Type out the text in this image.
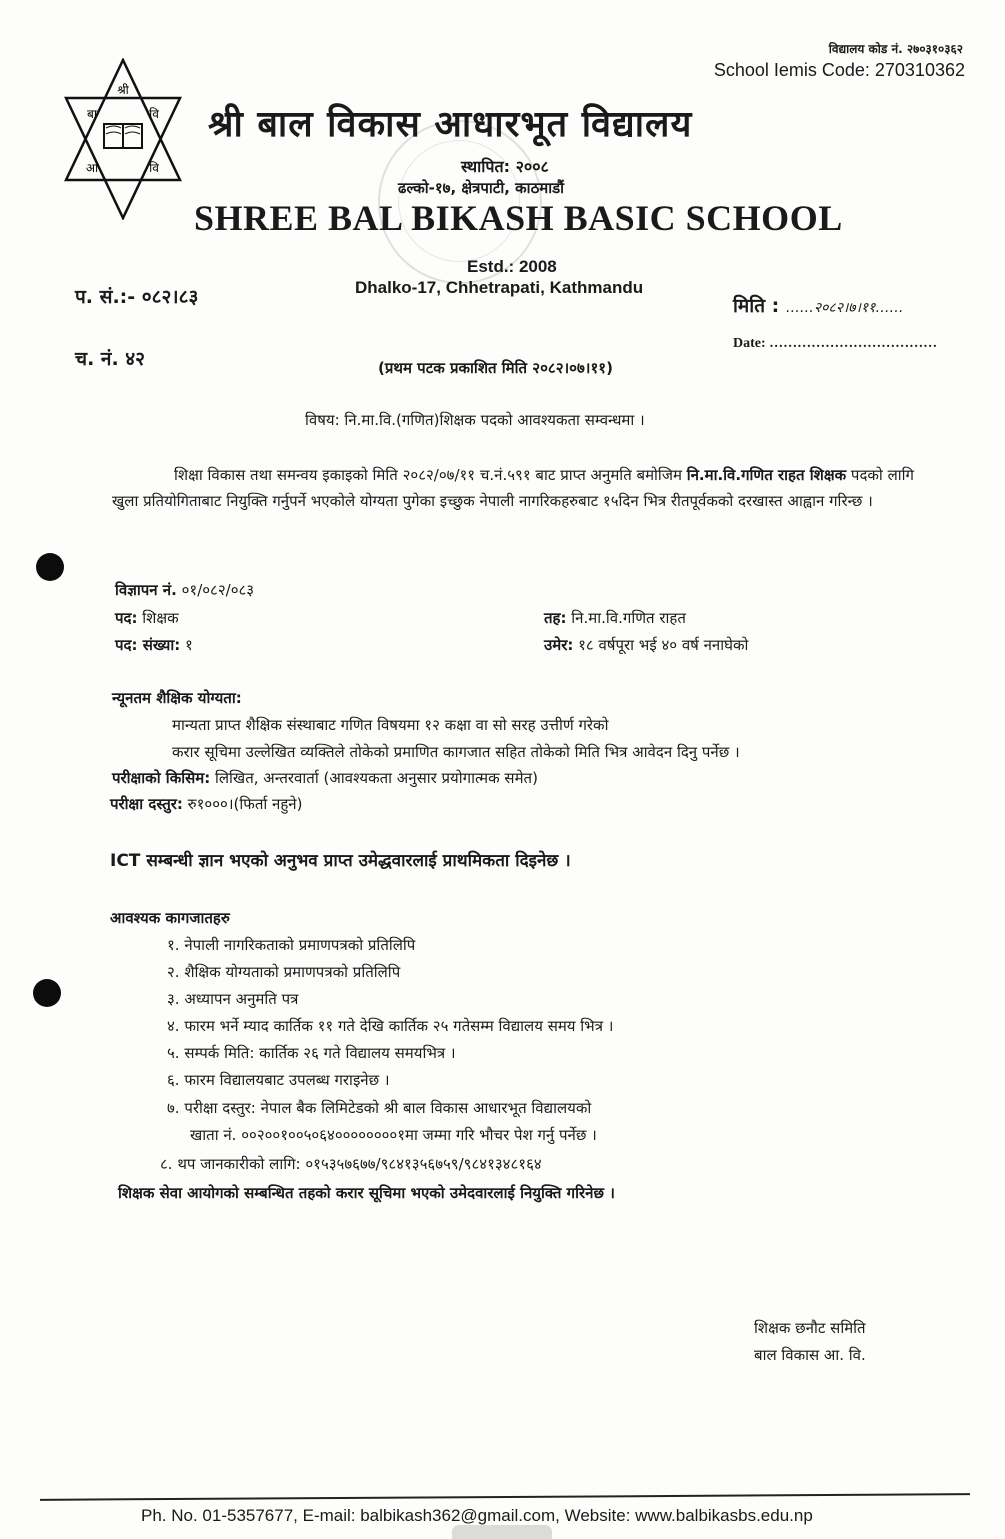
विद्यालय कोड नं. २७०३१०३६२
School Iemis Code: 270310362
श्री
बा	वि
आ	वि
श्री बाल विकास आधारभूत विद्यालय
स्थापित: २००८
ढल्को-१७, क्षेत्रपाटी, काठमाडौं
SHREE BAL BIKASH BASIC SCHOOL
Estd.: 2008
Dhalko-17, Chhetrapati, Kathmandu
प. सं.:- ०८२।८३
च. नं. ४२
मिति : ……२०८२।७।११……
Date: ………………………………
(प्रथम पटक प्रकाशित मिति २०८२।०७।११)
विषय: नि.मा.वि.(गणित)शिक्षक पदको आवश्यकता सम्वन्धमा ।
शिक्षा विकास तथा समन्वय इकाइको मिति २०८२/०७/११ च.नं.५९१ बाट प्राप्त अनुमति बमोजिम नि.मा.वि.गणित राहत शिक्षक पदको लागि खुला प्रतियोगिताबाट नियुक्ति गर्नुपर्ने भएकोले योग्यता पुगेका इच्छुक नेपाली नागरिकहरुबाट १५दिन भित्र रीतपूर्वकको दरखास्त आह्वान गरिन्छ ।
विज्ञापन नं. ०१/०८२/०८३
पद: शिक्षक	तह: नि.मा.वि.गणित राहत
पद: संख्या: १	उमेर: १८ वर्षपूरा भई ४० वर्ष ननाघेको
न्यूनतम शैक्षिक योग्यता:
मान्यता प्राप्त शैक्षिक संस्थाबाट गणित विषयमा १२ कक्षा वा सो सरह उत्तीर्ण गरेको
करार सूचिमा उल्लेखित व्यक्तिले तोकेको प्रमाणित कागजात सहित तोकेको मिति भित्र आवेदन दिनु पर्नेछ ।
परीक्षाको किसिम: लिखित, अन्तरवार्ता (आवश्यकता अनुसार प्रयोगात्मक समेत)
परीक्षा दस्तुर: रु१०००।(फिर्ता नहुने)
ICT सम्बन्धी ज्ञान भएको अनुभव प्राप्त उमेद्धवारलाई प्राथमिकता दिइनेछ ।
आवश्यक कागजातहरु
१. नेपाली नागरिकताको प्रमाणपत्रको प्रतिलिपि
२. शैक्षिक योग्यताको प्रमाणपत्रको प्रतिलिपि
३. अध्यापन अनुमति पत्र
४. फारम भर्ने म्याद कार्तिक ११ गते देखि कार्तिक २५ गतेसम्म विद्यालय समय भित्र ।
५. सम्पर्क मिति: कार्तिक २६ गते विद्यालय समयभित्र ।
६. फारम विद्यालयबाट उपलब्ध गराइनेछ ।
७. परीक्षा दस्तुर: नेपाल बैक लिमिटेडको श्री बाल विकास आधारभूत विद्यालयको
खाता नं. ००२००१००५०६४००००००००१मा जम्मा गरि भौचर पेश गर्नु पर्नेछ ।
८. थप जानकारीको लागि: ०१५३५७६७७/९८४१३५६७५९/९८४१३४८१६४
शिक्षक सेवा आयोगको सम्बन्धित तहको करार सूचिमा भएको उमेदवारलाई नियुक्ति गरिनेछ ।
शिक्षक छनौट समिति
बाल विकास आ. वि.
Ph. No. 01-5357677, E-mail: balbikash362@gmail.com, Website: www.balbikasbs.edu.np
